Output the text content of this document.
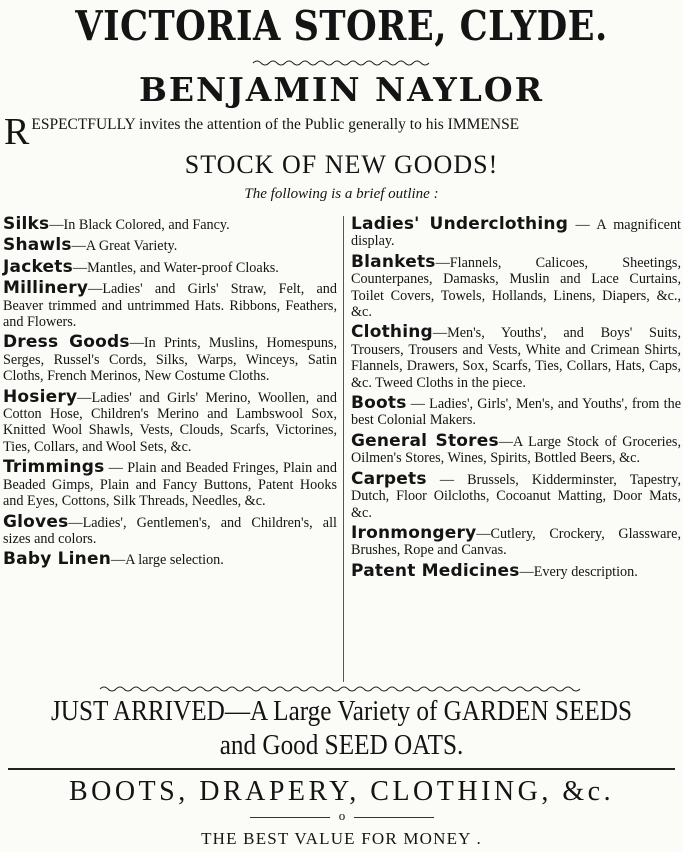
VICTORIA STORE, CLYDE.
BENJAMIN NAYLOR
R ESPECTFULLY invites the attention of the Public generally to his IMMENSE
STOCK OF NEW GOODS!
The following is a brief outline :

Silks—In Black Colored, and Fancy.

Shawls—A Great Variety.

Jackets—Mantles, and Water-proof Cloaks.

Millinery—Ladies' and Girls' Straw, Felt, and Beaver trimmed and untrimmed Hats. Ribbons, Feathers, and Flowers.

Dress Goods—In Prints, Muslins, Homespuns, Serges, Russel's Cords, Silks, Warps, Winceys, Satin Cloths, French Merinos, New Costume Cloths.

Hosiery—Ladies' and Girls' Merino, Woollen, and Cotton Hose, Children's Merino and Lambswool Sox, Knitted Wool Shawls, Vests, Clouds, Scarfs, Victorines, Ties, Collars, and Wool Sets, &c.

Trimmings — Plain and Beaded Fringes, Plain and Beaded Gimps, Plain and Fancy Buttons, Patent Hooks and Eyes, Cottons, Silk Threads, Needles, &c.

Gloves—Ladies', Gentlemen's, and Children's, all sizes and colors.

Baby Linen—A large selection.

Ladies' Underclothing — A magnificent display.

Blankets—Flannels, Calicoes, Sheetings, Counterpanes, Damasks, Muslin and Lace Curtains, Toilet Covers, Towels, Hollands, Linens, Diapers, &c., &c.

Clothing—Men's, Youths', and Boys' Suits, Trousers, Trousers and Vests, White and Crimean Shirts, Flannels, Drawers, Sox, Scarfs, Ties, Collars, Hats, Caps, &c. Tweed Cloths in the piece.

Boots — Ladies', Girls', Men's, and Youths', from the best Colonial Makers.

General Stores—A Large Stock of Groceries, Oilmen's Stores, Wines, Spirits, Bottled Beers, &c.

Carpets — Brussels, Kidderminster, Tapestry, Dutch, Floor Oilcloths, Cocoanut Matting, Door Mats, &c.

Ironmongery—Cutlery, Crockery, Glassware, Brushes, Rope and Canvas.

Patent Medicines—Every description.

JUST ARRIVED—A Large Variety of GARDEN SEEDS
and Good SEED OATS.
BOOTS, DRAPERY, CLOTHING, &c.
o
THE BEST VALUE FOR MONEY .
